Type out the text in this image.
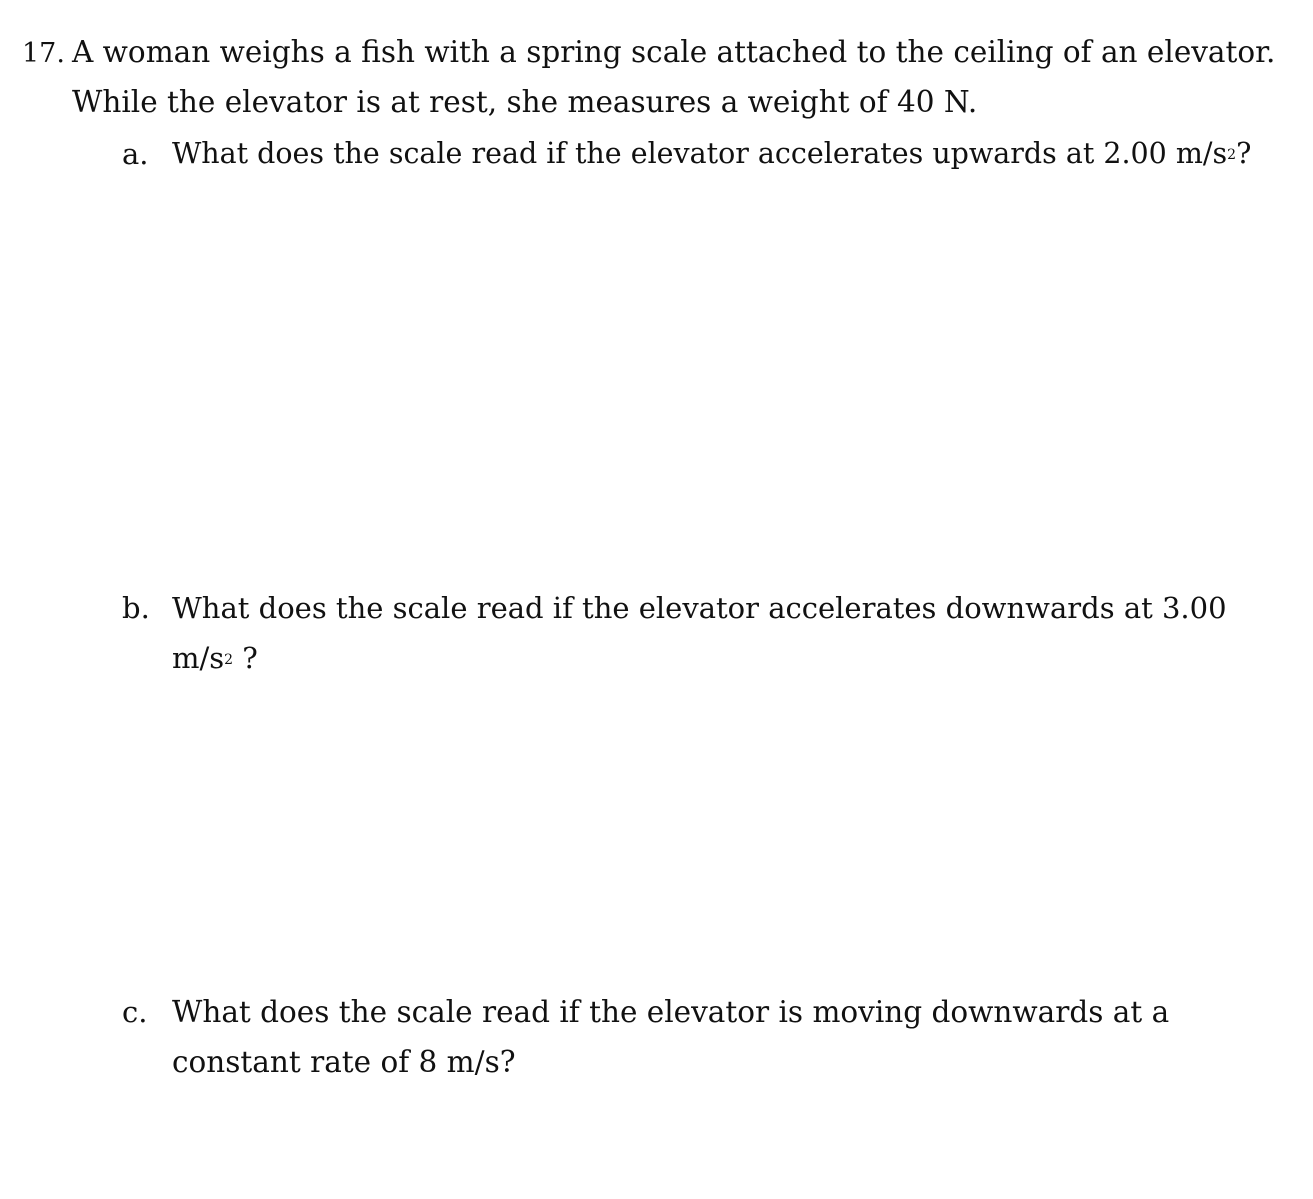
17. A woman weighs a fish with a spring scale attached to the ceiling of an elevator.
While the elevator is at rest, she measures a weight of 40 N.
a. What does the scale read if the elevator accelerates upwards at 2.00 $m/s^2$?
b. What does the scale read if the elevator accelerates downwards at 3.00
$m/s^2$ ?
c. What does the scale read if the elevator is moving downwards at a
constant rate of 8 m/s?
